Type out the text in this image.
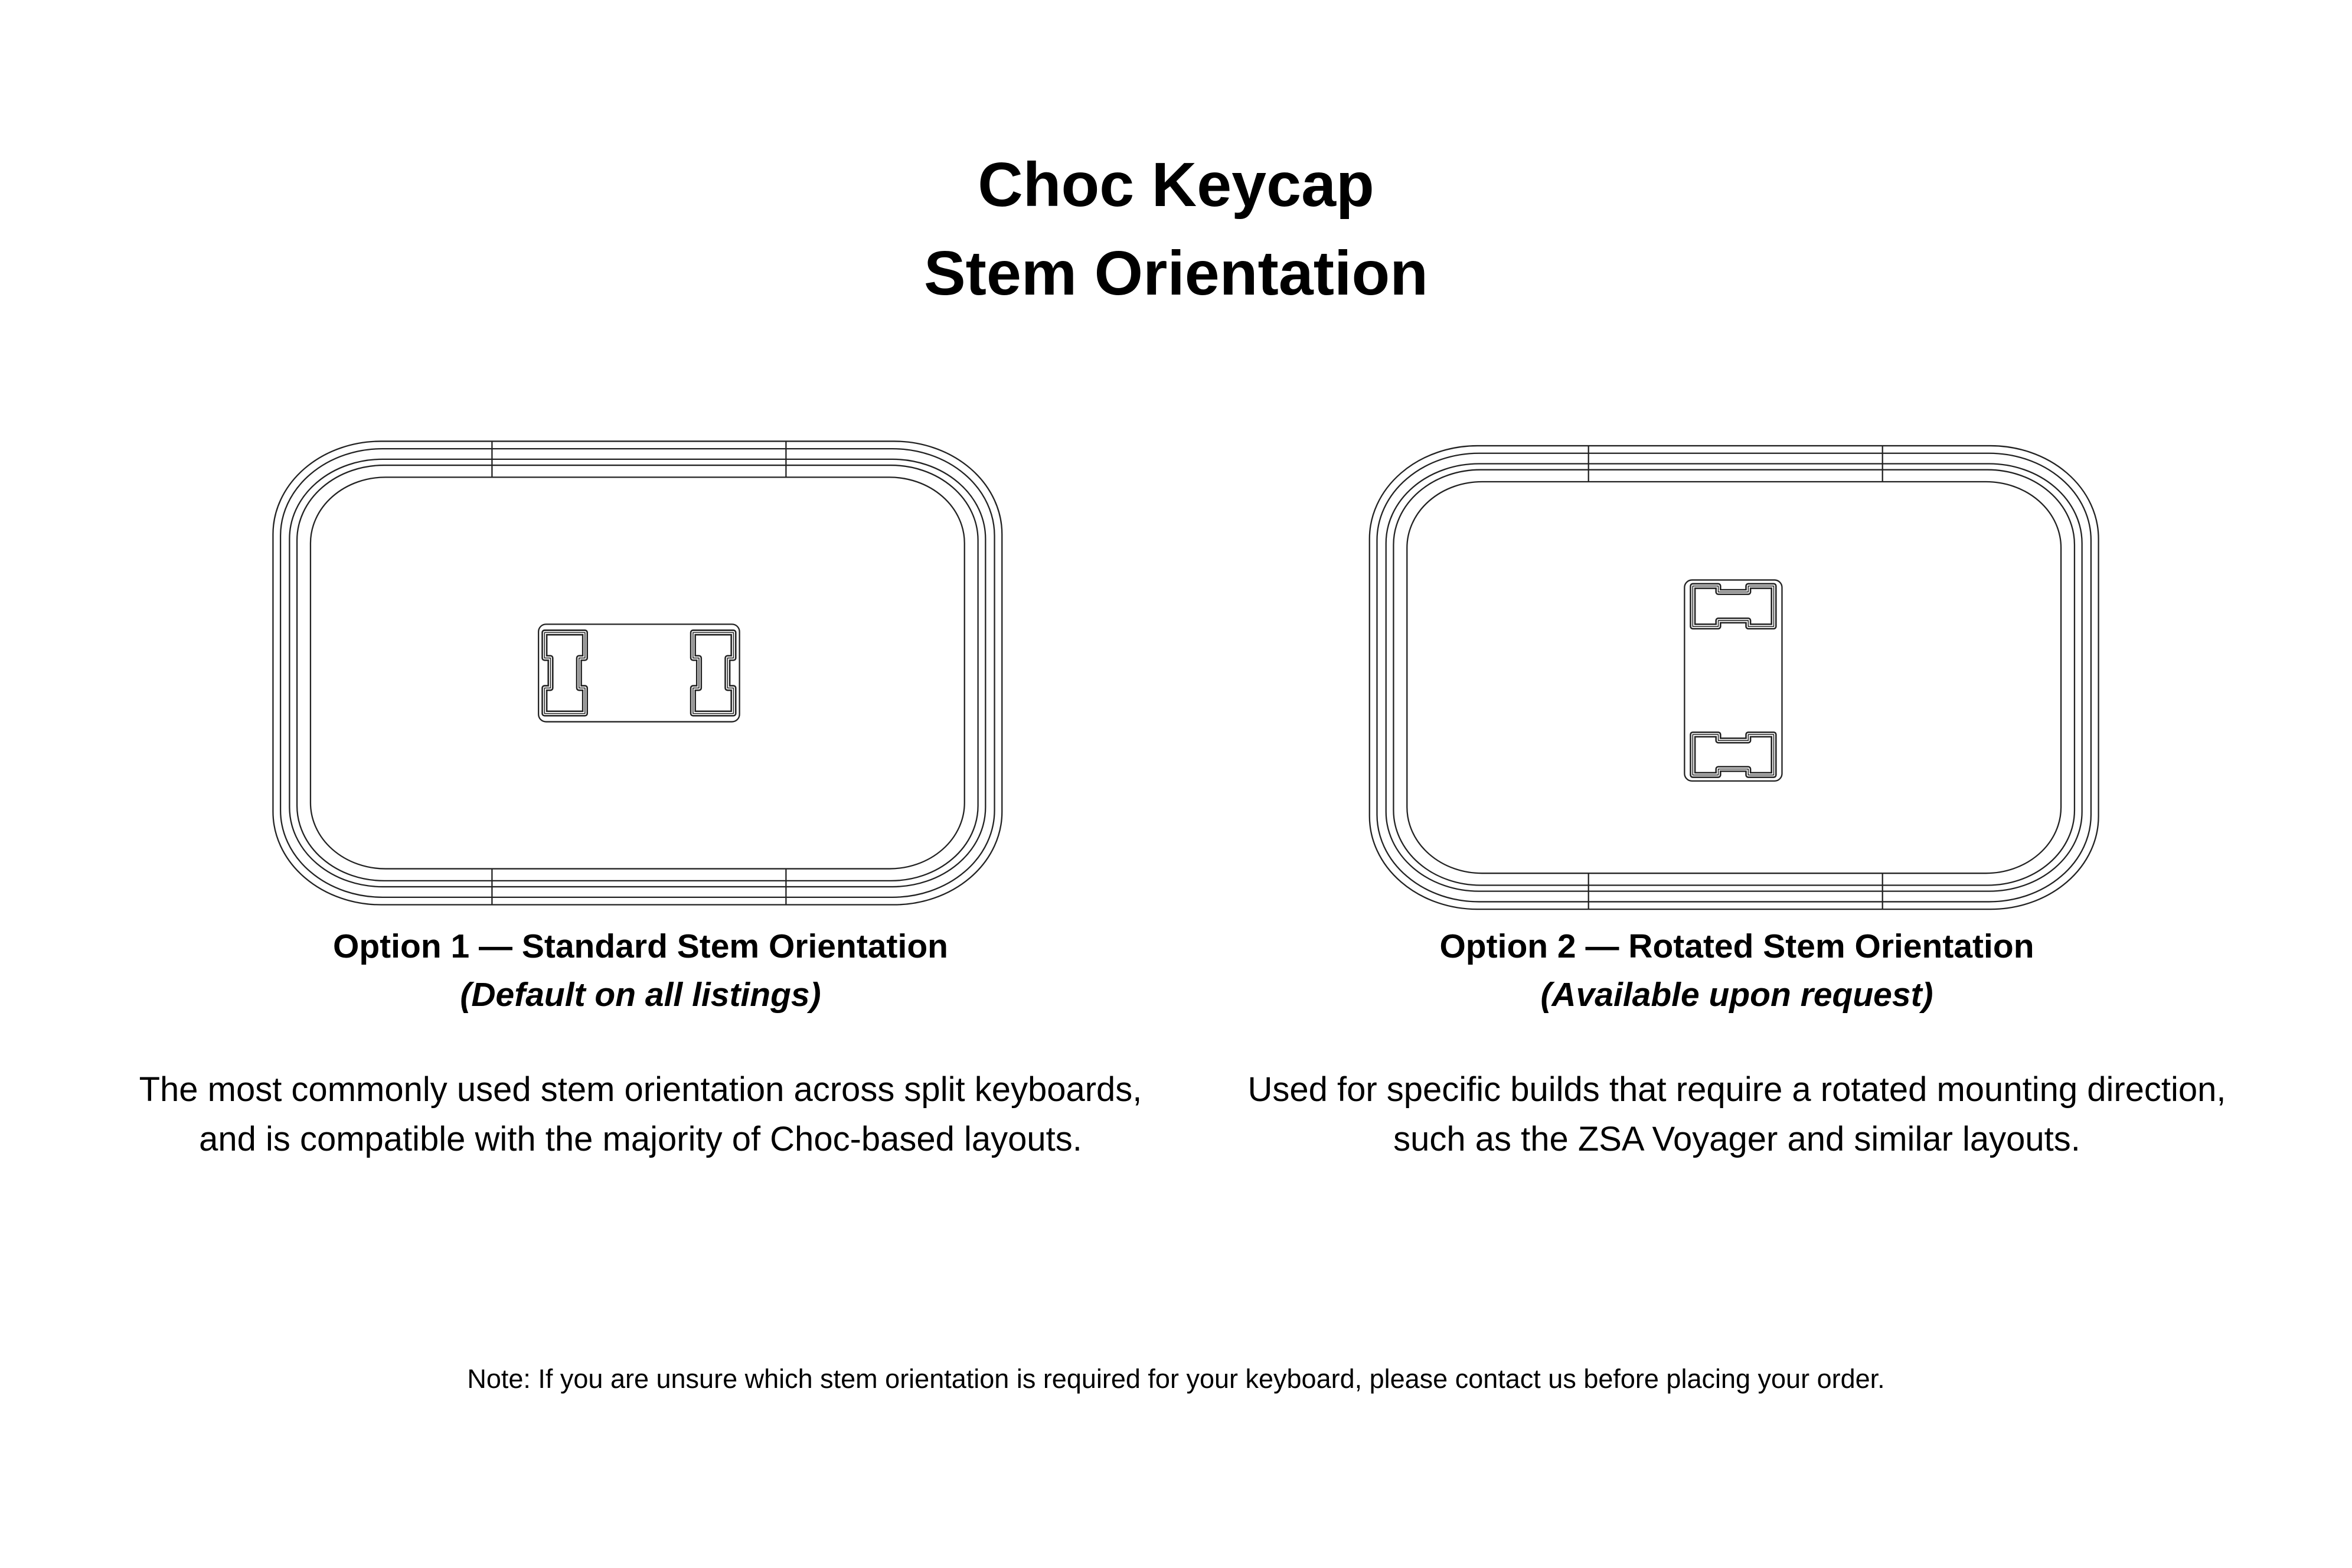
Choc Keycap
Stem Orientation
Option 1 — Standard Stem Orientation
(Default on all listings)
The most commonly used stem orientation across split keyboards, and is compatible with the majority of Choc-based layouts.
Option 2 — Rotated Stem Orientation
(Available upon request)
Used for specific builds that require a rotated mounting direction, such as the ZSA Voyager and similar layouts.
Note: If you are unsure which stem orientation is required for your keyboard, please contact us before placing your order.
